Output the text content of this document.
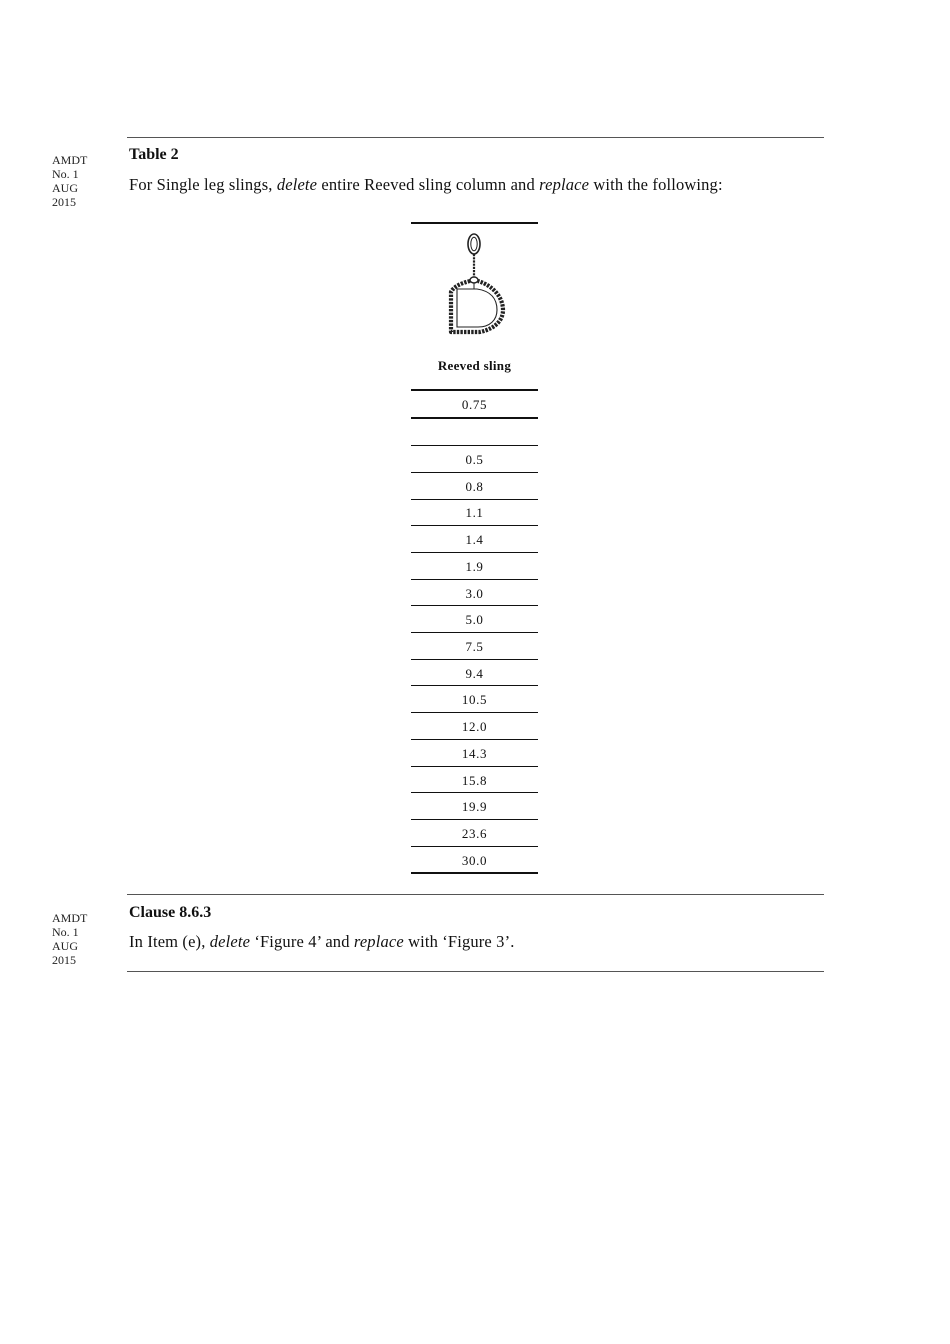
AMDT
No. 1
AUG
2015
Table 2
For Single leg slings, delete entire Reeved sling column and replace with the following:
Reeved sling
0.75
0.5
0.8
1.1
1.4
1.9
3.0
5.0
7.5
9.4
10.5
12.0
14.3
15.8
19.9
23.6
30.0
AMDT
No. 1
AUG
2015
Clause 8.6.3
In Item (e), delete ‘Figure 4’ and replace with ‘Figure 3’.
